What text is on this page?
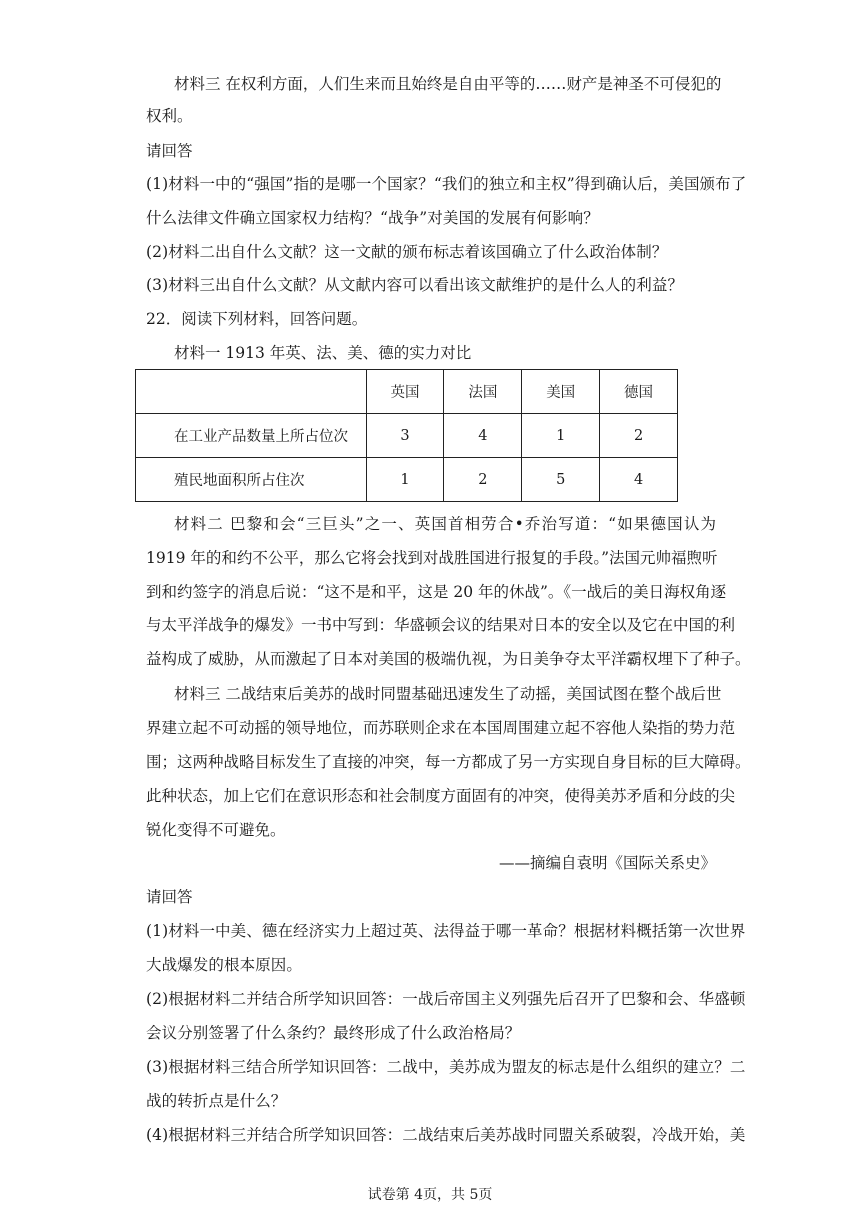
材料三 在权利方面，人们生来而且始终是自由平等的……财产是神圣不可侵犯的
权利。
请回答
(1)材料一中的“强国”指的是哪一个国家？“我们的独立和主权”得到确认后，美国颁布了
什么法律文件确立国家权力结构？“战争”对美国的发展有何影响？
(2)材料二出自什么文献？这一文献的颁布标志着该国确立了什么政治体制？
(3)材料三出自什么文献？从文献内容可以看出该文献维护的是什么人的利益？
22．阅读下列材料，回答问题。
材料一 1913 年英、法、美、德的实力对比
	英国	法国	美国	德国
在工业产品数量上所占位次	3	4	1	2
殖民地面积所占住次	1	2	5	4
材料二 巴黎和会“三巨头”之一、英国首相劳合•乔治写道：“如果德国认为
1919 年的和约不公平，那么它将会找到对战胜国进行报复的手段。”法国元帅福煦听
到和约签字的消息后说：“这不是和平，这是 20 年的休战”。《一战后的美日海权角逐
与太平洋战争的爆发》一书中写到：华盛顿会议的结果对日本的安全以及它在中国的利
益构成了威胁，从而激起了日本对美国的极端仇视，为日美争夺太平洋霸权埋下了种子。
材料三 二战结束后美苏的战时同盟基础迅速发生了动摇，美国试图在整个战后世
界建立起不可动摇的领导地位，而苏联则企求在本国周围建立起不容他人染指的势力范
围；这两种战略目标发生了直接的冲突，每一方都成了另一方实现自身目标的巨大障碍。
此种状态，加上它们在意识形态和社会制度方面固有的冲突，使得美苏矛盾和分歧的尖
锐化变得不可避免。
——摘编自袁明《国际关系史》
请回答
(1)材料一中美、德在经济实力上超过英、法得益于哪一革命？根据材料概括第一次世界
大战爆发的根本原因。
(2)根据材料二并结合所学知识回答：一战后帝国主义列强先后召开了巴黎和会、华盛顿
会议分别签署了什么条约？最终形成了什么政治格局？
(3)根据材料三结合所学知识回答：二战中，美苏成为盟友的标志是什么组织的建立？二
战的转折点是什么？
(4)根据材料三并结合所学知识回答：二战结束后美苏战时同盟关系破裂，冷战开始，美
试卷第 4页，共 5页
